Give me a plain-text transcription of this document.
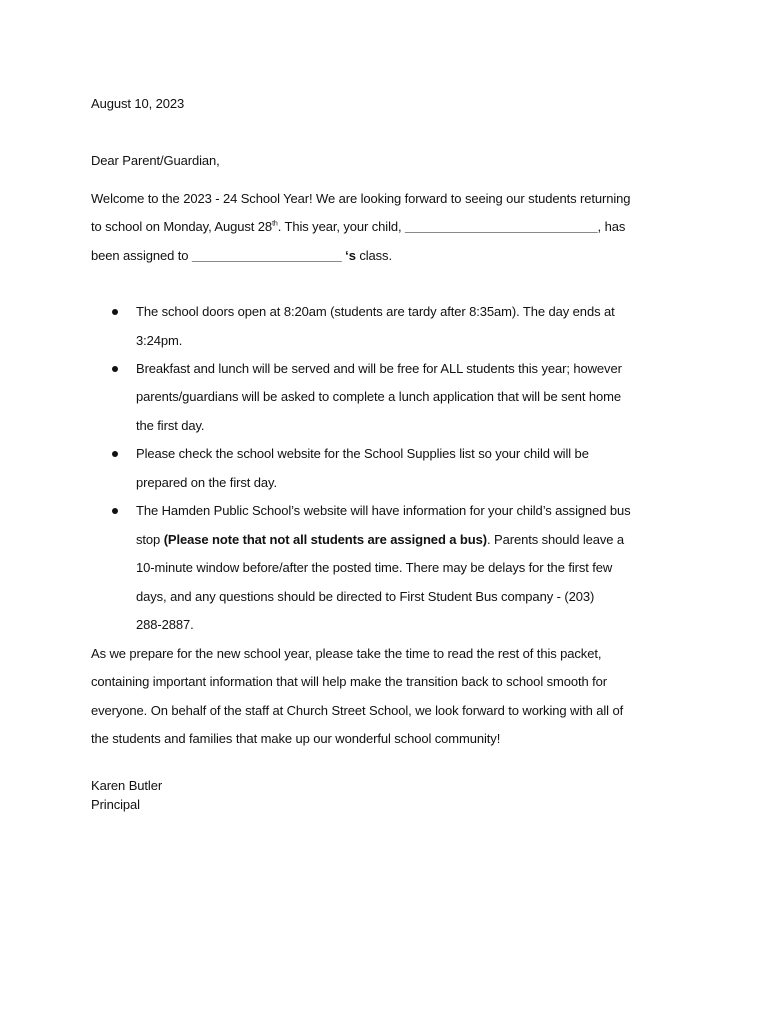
August 10, 2023
Dear Parent/Guardian,
Welcome to the 2023 - 24 School Year! We are looking forward to seeing our students returning
to school on Monday, August 28th. This year, your child, ___________________________, has
been assigned to _____________________ ‘s class.
The school doors open at 8:20am (students are tardy after 8:35am). The day ends at
3:24pm.
Breakfast and lunch will be served and will be free for ALL students this year; however
parents/guardians will be asked to complete a lunch application that will be sent home
the first day.
Please check the school website for the School Supplies list so your child will be
prepared on the first day.
The Hamden Public School’s website will have information for your child’s assigned bus
stop (Please note that not all students are assigned a bus). Parents should leave a
10-minute window before/after the posted time. There may be delays for the first few
days, and any questions should be directed to First Student Bus company - (203)
288-2887.
As we prepare for the new school year, please take the time to read the rest of this packet,
containing important information that will help make the transition back to school smooth for
everyone. On behalf of the staff at Church Street School, we look forward to working with all of
the students and families that make up our wonderful school community!
Karen Butler
Principal
